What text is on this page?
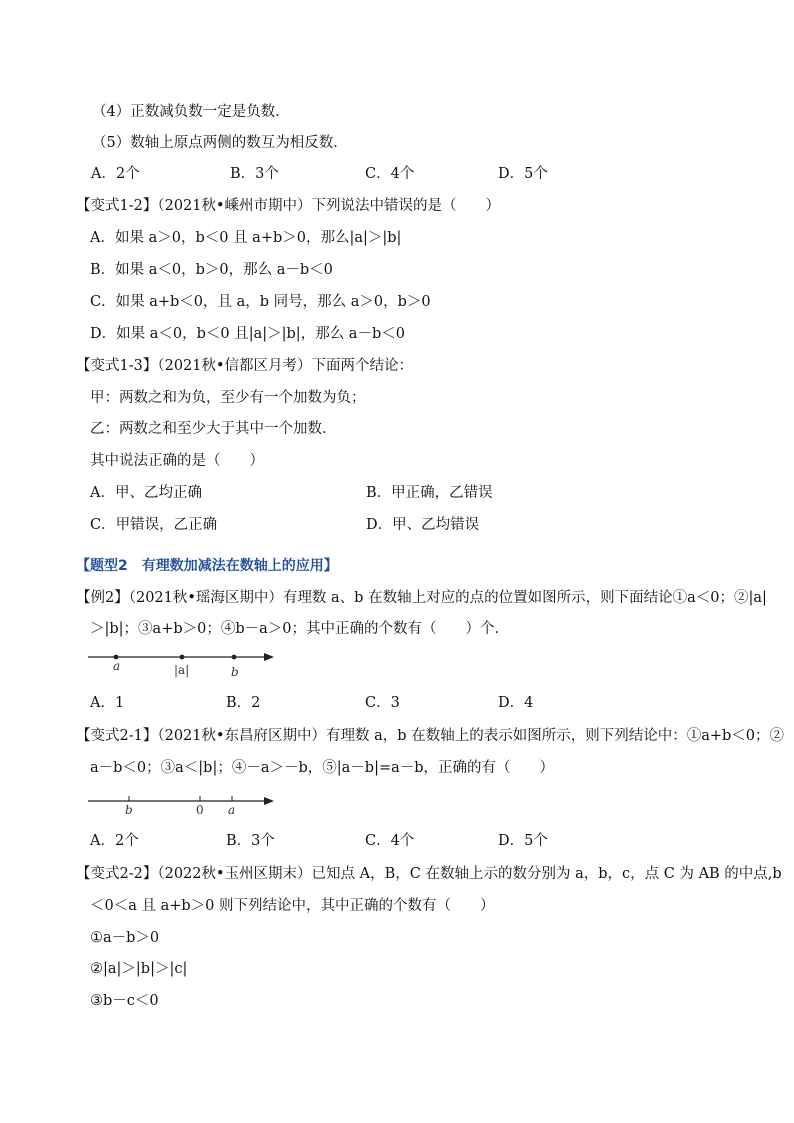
（4）正数减负数一定是负数．
（5）数轴上原点两侧的数互为相反数．
A．2个	B．3个	C．4个	D．5个
【变式1-2】（2021秋•嵊州市期中）下列说法中错误的是（　　）
A．如果 a＞0，b＜0 且 a+b＞0，那么|a|＞|b|
B．如果 a＜0，b＞0，那么 a－b＜0
C．如果 a+b＜0，且 a，b 同号，那么 a＞0，b＞0
D．如果 a＜0，b＜0 且|a|＞|b|，那么 a－b＜0
【变式1-3】（2021秋•信都区月考）下面两个结论：
甲：两数之和为负，至少有一个加数为负；
乙：两数之和至少大于其中一个加数．
其中说法正确的是（　　）
A．甲、乙均正确	B．甲正确，乙错误
C．甲错误，乙正确	D．甲、乙均错误
【题型2　有理数加减法在数轴上的应用】
【例2】（2021秋•瑶海区期中）有理数 a、b 在数轴上对应的点的位置如图所示，则下面结论①a＜0；②|a|
＞|b|；③a+b＞0；④b－a＞0；其中正确的个数有（　　）个．
a	|a|	b
A．1	B．2	C．3	D．4
【变式2-1】（2021秋•东昌府区期中）有理数 a，b 在数轴上的表示如图所示，则下列结论中：①a+b＜0；②
a－b＜0；③a＜|b|；④－a＞－b，⑤|a－b|=a－b，正确的有（　　）
b	0 a
A．2个	B．3个	C．4个	D．5个
【变式2-2】（2022秋•玉州区期末）已知点 A，B，C 在数轴上示的数分别为 a，b，c，点 C 为 AB 的中点,b
＜0＜a 且 a+b＞0 则下列结论中，其中正确的个数有（　　）
①a－b＞0
②|a|＞|b|＞|c|
③b－c＜0
